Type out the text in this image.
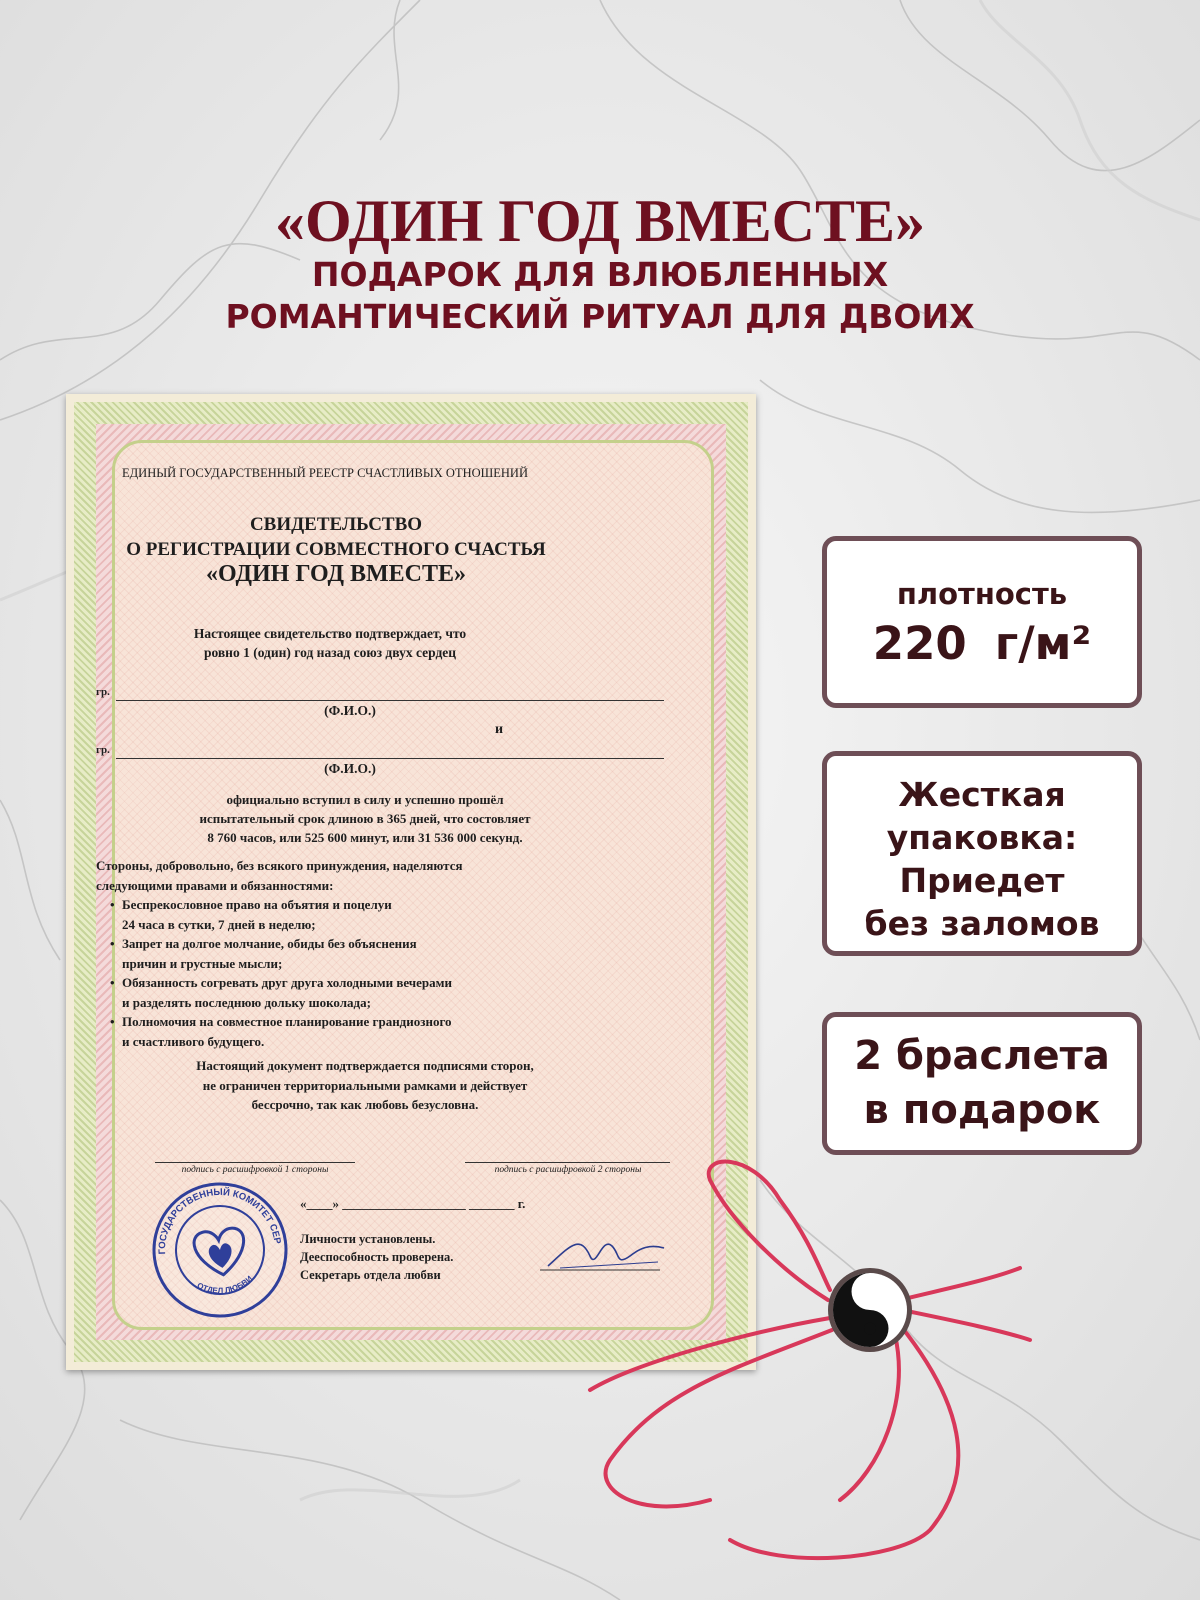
«ОДИН ГОД ВМЕСТЕ»
ПОДАРОК ДЛЯ ВЛЮБЛЕННЫХ
РОМАНТИЧЕСКИЙ РИТУАЛ ДЛЯ ДВОИХ
ЕДИНЫЙ ГОСУДАРСТВЕННЫЙ РЕЕСТР СЧАСТЛИВЫХ ОТНОШЕНИЙ
СВИДЕТЕЛЬСТВО
О РЕГИСТРАЦИИ СОВМЕСТНОГО СЧАСТЬЯ
«ОДИН ГОД ВМЕСТЕ»
Настоящее свидетельство подтверждает, что
ровно 1 (один) год назад союз двух сердец
гр.
(Ф.И.О.)
и
гр.
(Ф.И.О.)
официально вступил в силу и успешно прошёл
испытательный срок длиною в 365 дней, что состовляет
8 760 часов, или 525 600 минут, или 31 536 000 секунд.
Стороны, добровольно, без всякого принуждения, наделяются
следующими правами и обязанностями:
• Беспрекословное право на объятия и поцелуи
24 часа в сутки, 7 дней в неделю;
• Запрет на долгое молчание, обиды без объяснения
причин и грустные мысли;
• Обязанность согревать друг друга холодными вечерами
и разделять последнюю дольку шоколада;
• Полномочия на совместное планирование грандиозного
и счастливого будущего.
Настоящий документ подтверждается подписями сторон,
не ограничен территориальными рамками и действует
бессрочно, так как любовь безусловна.
подпись с расшифровкой 1 стороны	подпись с расшифровкой 2 стороны
«____» ___________________ _______ г.
Личности установлены.
Дееспособность проверена.
Секретарь отдела любви
ГОСУДАРСТВЕННЫЙ КОМИТЕТ СЕРДЕЧНЫХ
ОТДЕЛ ЛЮБВИ
плотность
220 г/м²
Жесткая
упаковка:
Приедет
без заломов
2 браслета
в подарок
